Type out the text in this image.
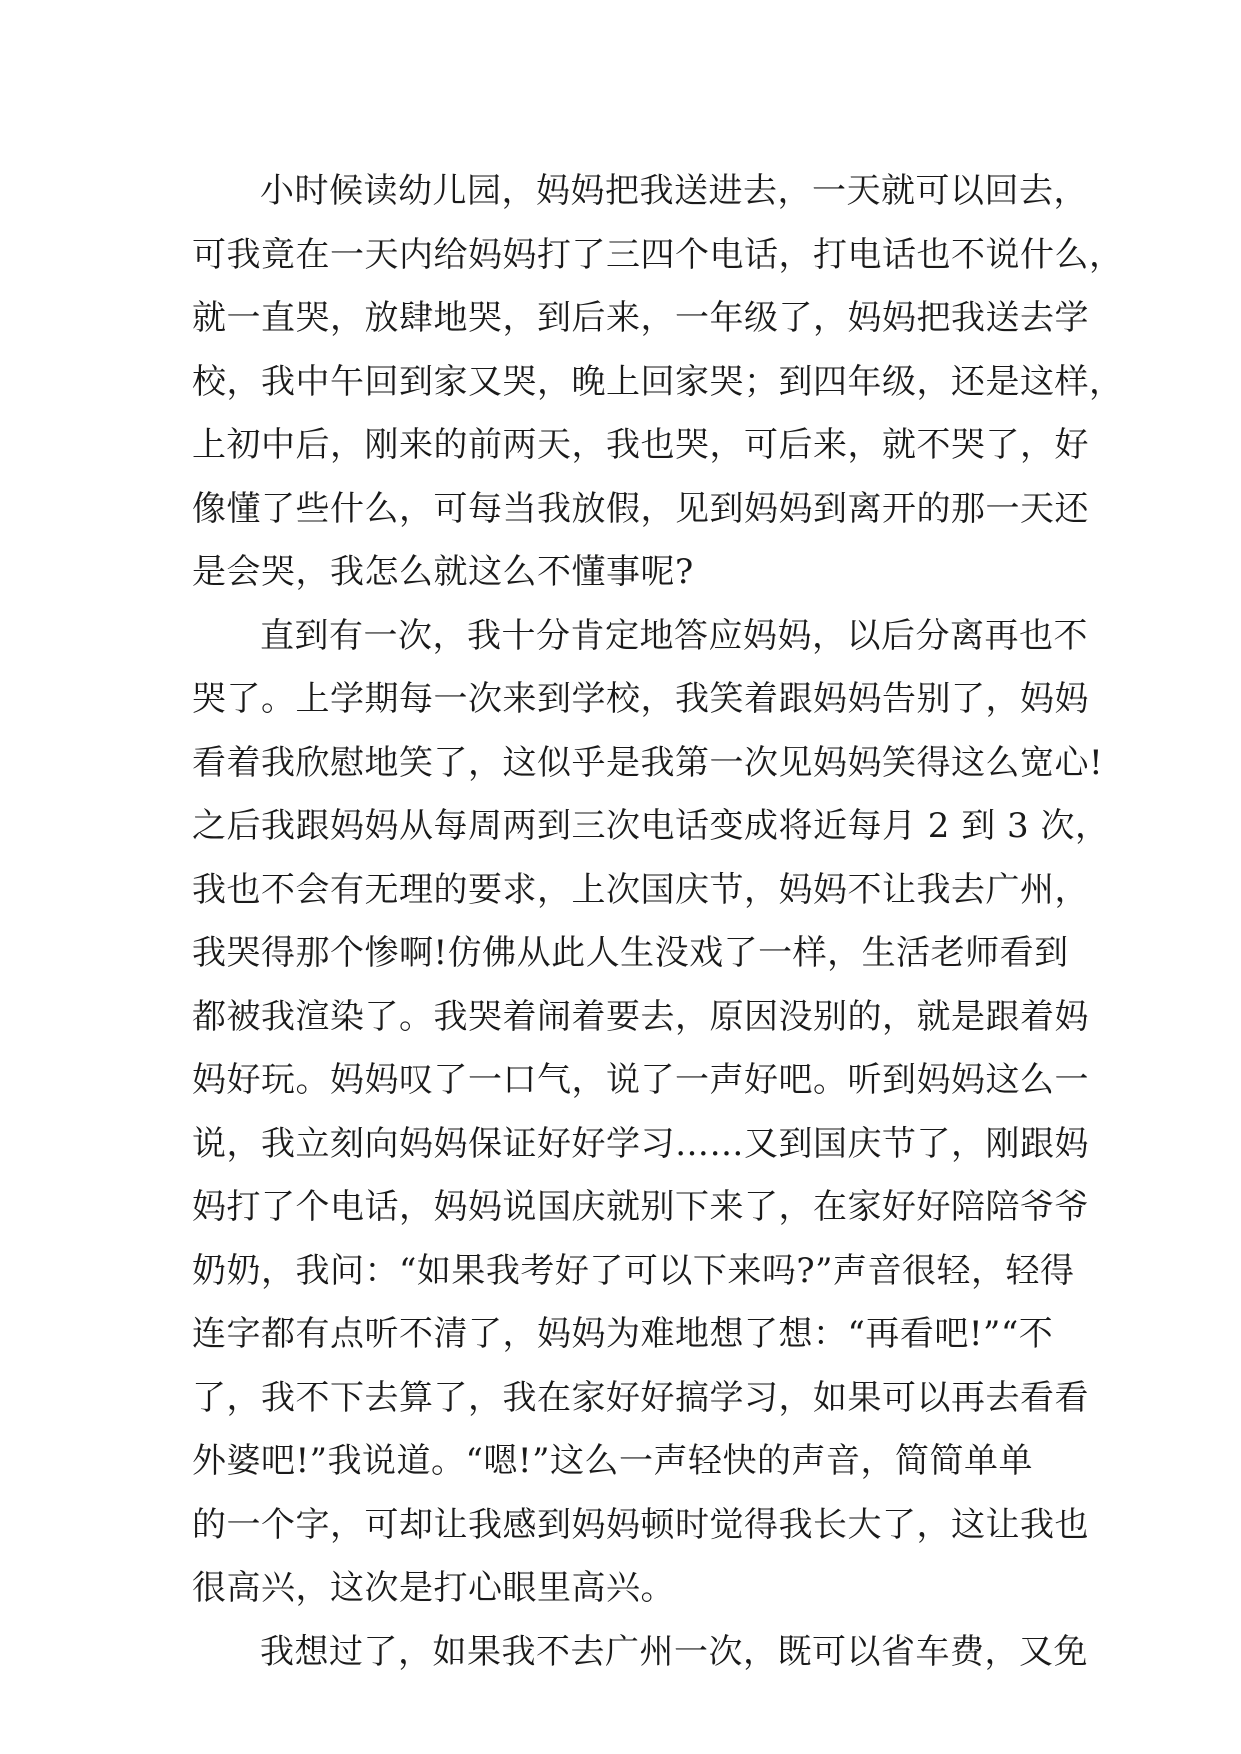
小时候读幼儿园，妈妈把我送进去，一天就可以回去，
可我竟在一天内给妈妈打了三四个电话，打电话也不说什么，
就一直哭，放肆地哭，到后来，一年级了，妈妈把我送去学
校，我中午回到家又哭，晚上回家哭；到四年级，还是这样，
上初中后，刚来的前两天，我也哭，可后来，就不哭了，好
像懂了些什么，可每当我放假，见到妈妈到离开的那一天还
是会哭，我怎么就这么不懂事呢?
直到有一次，我十分肯定地答应妈妈，以后分离再也不
哭了。上学期每一次来到学校，我笑着跟妈妈告别了，妈妈
看着我欣慰地笑了，这似乎是我第一次见妈妈笑得这么宽心!
之后我跟妈妈从每周两到三次电话变成将近每月 2 到 3 次，
我也不会有无理的要求，上次国庆节，妈妈不让我去广州，
我哭得那个惨啊!仿佛从此人生没戏了一样，生活老师看到
都被我渲染了。我哭着闹着要去，原因没别的，就是跟着妈
妈好玩。妈妈叹了一口气，说了一声好吧。听到妈妈这么一
说，我立刻向妈妈保证好好学习……又到国庆节了，刚跟妈
妈打了个电话，妈妈说国庆就别下来了，在家好好陪陪爷爷
奶奶，我问：“如果我考好了可以下来吗?”声音很轻，轻得
连字都有点听不清了，妈妈为难地想了想：“再看吧!”“不
了，我不下去算了，我在家好好搞学习，如果可以再去看看
外婆吧!”我说道。“嗯!”这么一声轻快的声音，简简单单
的一个字，可却让我感到妈妈顿时觉得我长大了，这让我也
很高兴，这次是打心眼里高兴。
我想过了，如果我不去广州一次，既可以省车费，又免
